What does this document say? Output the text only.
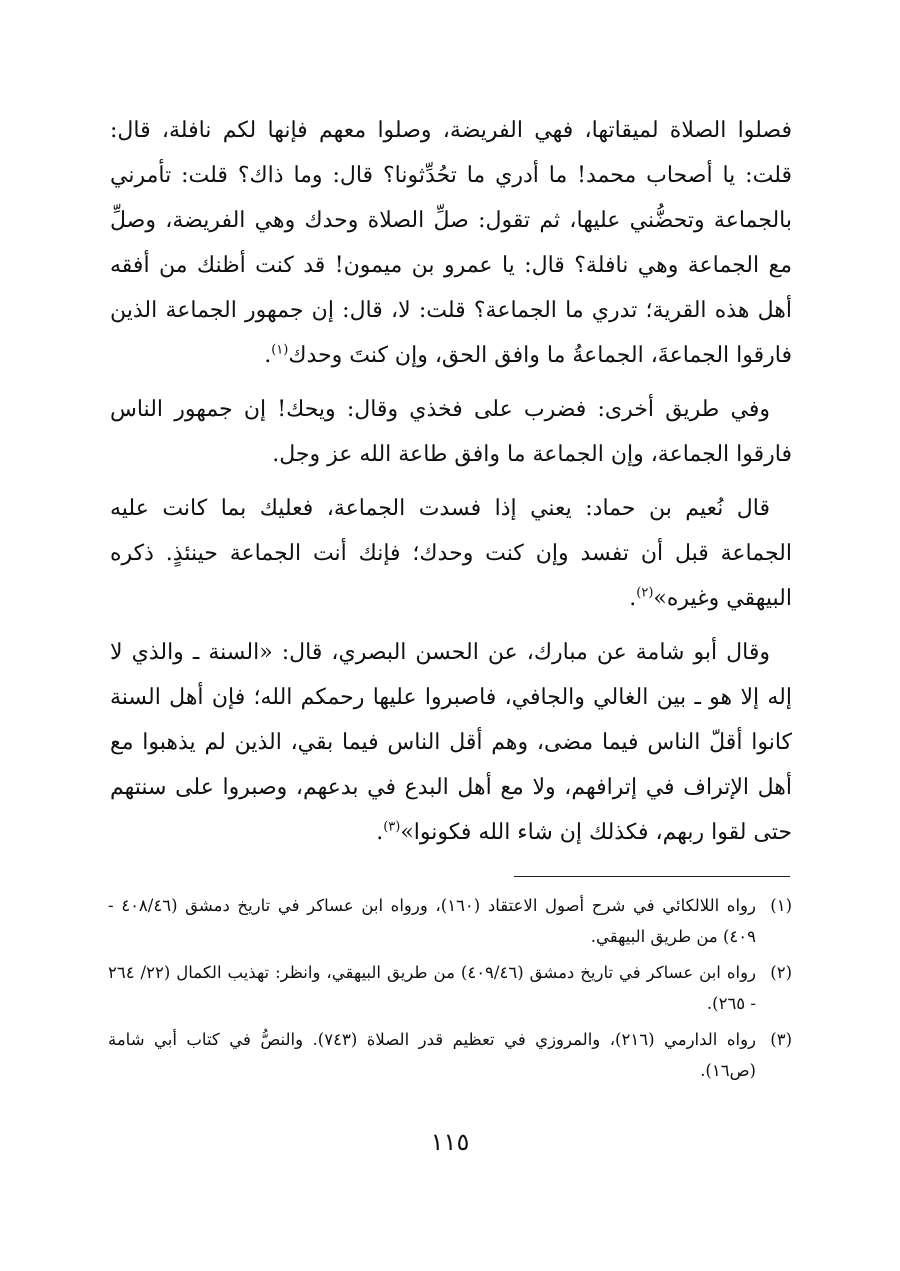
فصلوا الصلاة لميقاتها، فهي الفريضة، وصلوا معهم فإنها لكم نافلة، قال: قلت: يا أصحاب محمد! ما أدري ما تحُدِّثونا؟ قال: وما ذاك؟ قلت: تأمرني بالجماعة وتحضُّني عليها، ثم تقول: صلِّ الصلاة وحدك وهي الفريضة، وصلِّ مع الجماعة وهي نافلة؟ قال: يا عمرو بن ميمون! قد كنت أظنك من أفقه أهل هذه القرية؛ تدري ما الجماعة؟ قلت: لا، قال: إن جمهور الجماعة الذين فارقوا الجماعةَ، الجماعةُ ما وافق الحق، وإن كنتَ وحدك$^{(١)}$.

وفي طريق أخرى: فضرب على فخذي وقال: ويحك! إن جمهور الناس فارقوا الجماعة، وإن الجماعة ما وافق طاعة الله عز وجل.

قال نُعيم بن حماد: يعني إذا فسدت الجماعة، فعليك بما كانت عليه الجماعة قبل أن تفسد وإن كنت وحدك؛ فإنك أنت الجماعة حينئذٍ. ذكره البيهقي وغيره»$^{(٢)}$.

وقال أبو شامة عن مبارك، عن الحسن البصري، قال: «السنة ـ والذي لا إله إلا هو ـ بين الغالي والجافي، فاصبروا عليها رحمكم الله؛ فإن أهل السنة كانوا أقلّ الناس فيما مضى، وهم أقل الناس فيما بقي، الذين لم يذهبوا مع أهل الإتراف في إترافهم، ولا مع أهل البدع في بدعهم، وصبروا على سنتهم حتى لقوا ربهم، فكذلك إن شاء الله فكونوا»$^{(٣)}$.

(١)
رواه اللالكائي في شرح أصول الاعتقاد (١٦٠)، ورواه ابن عساكر في تاريخ دمشق (٤٠٨/٤٦ - ٤٠٩) من طريق البيهقي.
(٢)
رواه ابن عساكر في تاريخ دمشق (٤٠٩/٤٦) من طريق البيهقي، وانظر: تهذيب الكمال (٢٢/ ٢٦٤ - ٢٦٥).
(٣)
رواه الدارمي (٢١٦)، والمروزي في تعظيم قدر الصلاة (٧٤٣). والنصُّ في كتاب أبي شامة (ص١٦).
١١٥
